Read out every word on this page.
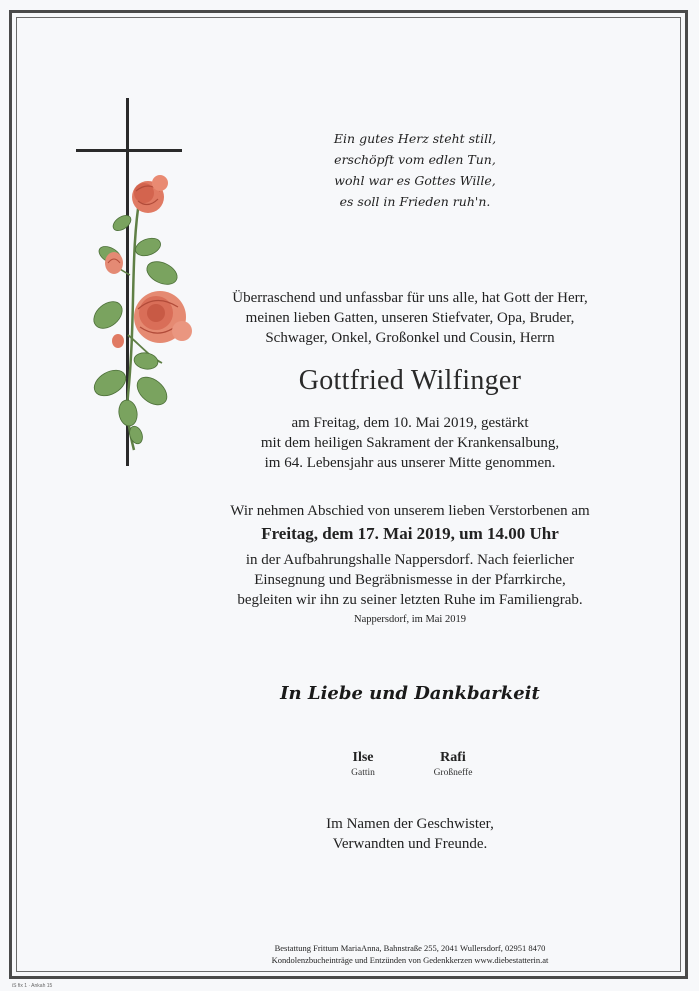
Ein gutes Herz steht still,
erschöpft vom edlen Tun,
wohl war es Gottes Wille,
es soll in Frieden ruh'n.
Überraschend und unfassbar für uns alle, hat Gott der Herr,
meinen lieben Gatten, unseren Stiefvater, Opa, Bruder,
Schwager, Onkel, Großonkel und Cousin, Herrn
Gottfried Wilfinger
am Freitag, dem 10. Mai 2019, gestärkt
mit dem heiligen Sakrament der Krankensalbung,
im 64. Lebensjahr aus unserer Mitte genommen.
Wir nehmen Abschied von unserem lieben Verstorbenen am
Freitag, dem 17. Mai 2019, um 14.00 Uhr
in der Aufbahrungshalle Nappersdorf. Nach feierlicher
Einsegnung und Begräbnismesse in der Pfarrkirche,
begleiten wir ihn zu seiner letzten Ruhe im Familiengrab.
Nappersdorf, im Mai 2019
In Liebe und Dankbarkeit
Ilse
Gattin
Rafi
Großneffe
Im Namen der Geschwister,
Verwandten und Freunde.
Bestattung Frittum MariaAnna, Bahnstraße 255, 2041 Wullersdorf, 02951 8470
Kondolenzbucheinträge und Entzünden von Gedenkkerzen www.diebestatterin.at
iS fix 1 · Ankah 15
